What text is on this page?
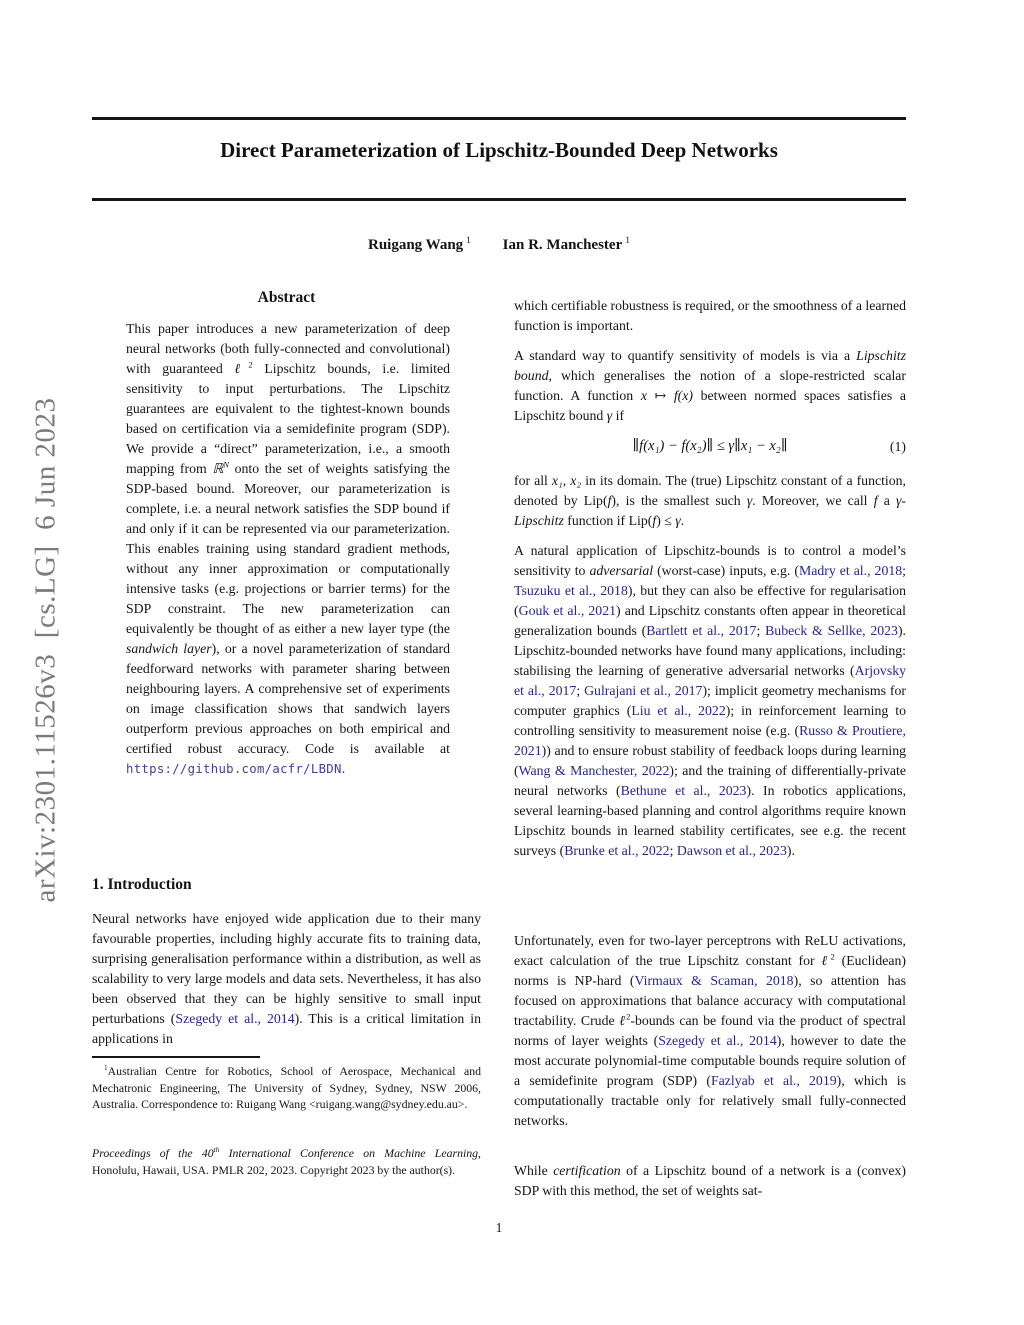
arXiv:2301.11526v3  [cs.LG]  6 Jun 2023
Direct Parameterization of Lipschitz-Bounded Deep Networks
Ruigang Wang $^1$ Ian R. Manchester $^1$
Abstract
This paper introduces a new parameterization of deep neural networks (both fully-connected and convolutional) with guaranteed ℓ$^2$ Lipschitz bounds, i.e. limited sensitivity to input perturbations. The Lipschitz guarantees are equivalent to the tightest-known bounds based on certification via a semidefinite program (SDP). We provide a “direct” parameterization, i.e., a smooth mapping from ℝ$^N$ onto the set of weights satisfying the SDP-based bound. Moreover, our parameterization is complete, i.e. a neural network satisfies the SDP bound if and only if it can be represented via our parameterization. This enables training using standard gradient methods, without any inner approximation or computationally intensive tasks (e.g. projections or barrier terms) for the SDP constraint. The new parameterization can equivalently be thought of as either a new layer type (the sandwich layer), or a novel parameterization of standard feedforward networks with parameter sharing between neighbouring layers. A comprehensive set of experiments on image classification shows that sandwich layers outperform previous approaches on both empirical and certified robust accuracy. Code is available at https://github.com/acfr/LBDN.
1. Introduction
Neural networks have enjoyed wide application due to their many favourable properties, including highly accurate fits to training data, surprising generalisation performance within a distribution, as well as scalability to very large models and data sets. Nevertheless, it has also been observed that they can be highly sensitive to small input perturbations (Szegedy et al., 2014). This is a critical limitation in applications in
$^1$Australian Centre for Robotics, School of Aerospace, Mechanical and Mechatronic Engineering, The University of Sydney, Sydney, NSW 2006, Australia. Correspondence to: Ruigang Wang <ruigang.wang@sydney.edu.au>.
Proceedings of the 40th International Conference on Machine Learning, Honolulu, Hawaii, USA. PMLR 202, 2023. Copyright 2023 by the author(s).
which certifiable robustness is required, or the smoothness of a learned function is important.
A standard way to quantify sensitivity of models is via a Lipschitz bound, which generalises the notion of a slope-restricted scalar function. A function x ↦ f(x) between normed spaces satisfies a Lipschitz bound γ if
∥f(x₁) − f(x₂)∥ ≤ γ∥x₁ − x₂∥	(1)
for all x₁, x₂ in its domain. The (true) Lipschitz constant of a function, denoted by Lip(f), is the smallest such γ. Moreover, we call f a γ-Lipschitz function if Lip(f) ≤ γ.
A natural application of Lipschitz-bounds is to control a model’s sensitivity to adversarial (worst-case) inputs, e.g. (Madry et al., 2018; Tsuzuku et al., 2018), but they can also be effective for regularisation (Gouk et al., 2021) and Lipschitz constants often appear in theoretical generalization bounds (Bartlett et al., 2017; Bubeck & Sellke, 2023). Lipschitz-bounded networks have found many applications, including: stabilising the learning of generative adversarial networks (Arjovsky et al., 2017; Gulrajani et al., 2017); implicit geometry mechanisms for computer graphics (Liu et al., 2022); in reinforcement learning to controlling sensitivity to measurement noise (e.g. (Russo & Proutiere, 2021)) and to ensure robust stability of feedback loops during learning (Wang & Manchester, 2022); and the training of differentially-private neural networks (Bethune et al., 2023). In robotics applications, several learning-based planning and control algorithms require known Lipschitz bounds in learned stability certificates, see e.g. the recent surveys (Brunke et al., 2022; Dawson et al., 2023).
Unfortunately, even for two-layer perceptrons with ReLU activations, exact calculation of the true Lipschitz constant for ℓ$^2$ (Euclidean) norms is NP-hard (Virmaux & Scaman, 2018), so attention has focused on approximations that balance accuracy with computational tractability. Crude ℓ$^2$-bounds can be found via the product of spectral norms of layer weights (Szegedy et al., 2014), however to date the most accurate polynomial-time computable bounds require solution of a semidefinite program (SDP) (Fazlyab et al., 2019), which is computationally tractable only for relatively small fully-connected networks.
While certification of a Lipschitz bound of a network is a (convex) SDP with this method, the set of weights sat-
1
